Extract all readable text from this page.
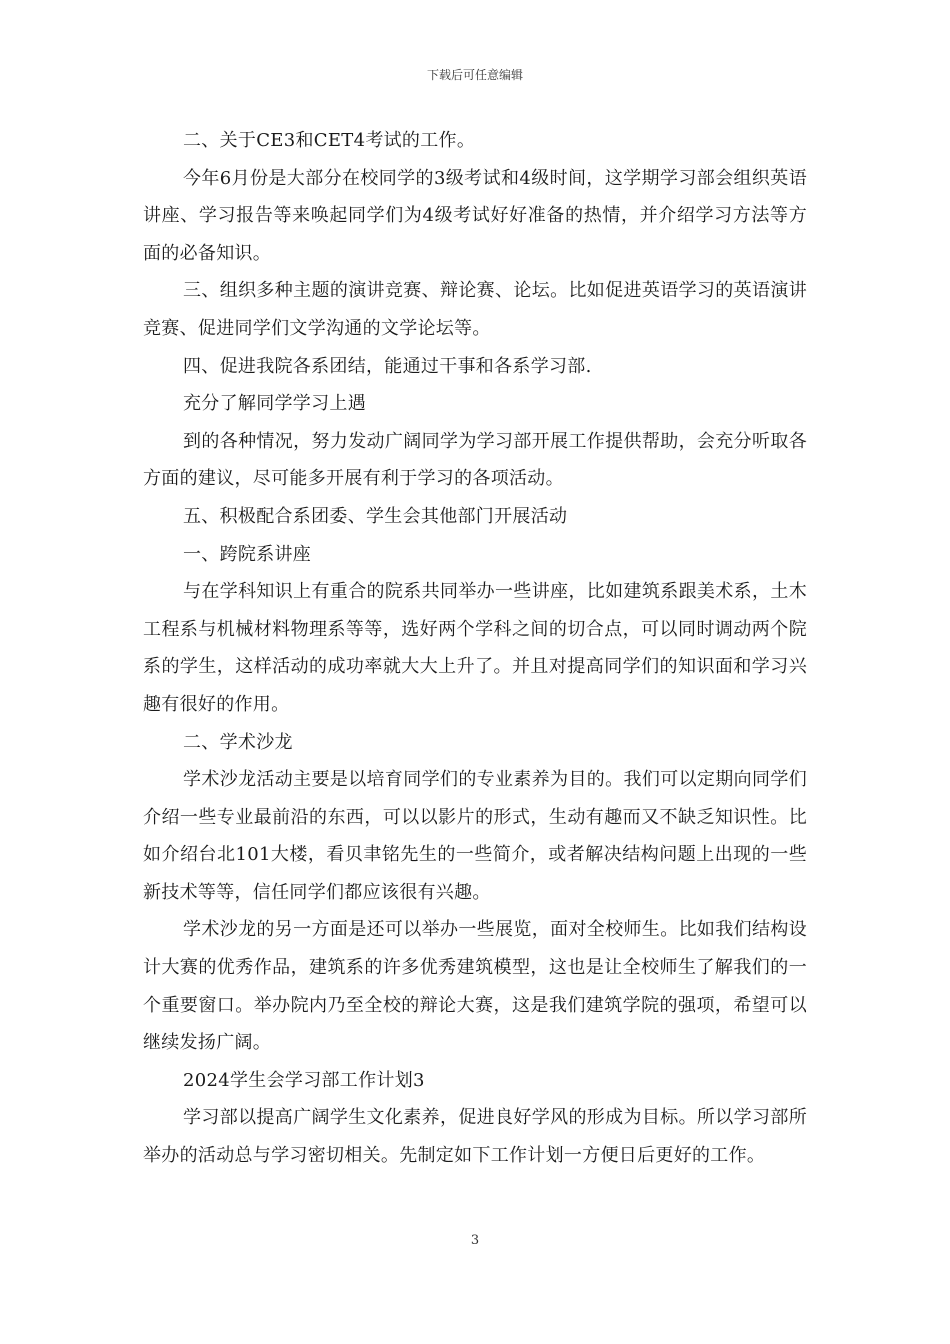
下载后可任意编辑

二、关于CE3和CET4考试的工作。

今年6月份是大部分在校同学的3级考试和4级时间，这学期学习部会组织英语讲座、学习报告等来唤起同学们为4级考试好好准备的热情，并介绍学习方法等方面的必备知识。

三、组织多种主题的演讲竞赛、辩论赛、论坛。比如促进英语学习的英语演讲竞赛、促进同学们文学沟通的文学论坛等。

四、促进我院各系团结，能通过干事和各系学习部.

充分了解同学学习上遇

到的各种情况，努力发动广阔同学为学习部开展工作提供帮助，会充分听取各方面的建议，尽可能多开展有利于学习的各项活动。

五、积极配合系团委、学生会其他部门开展活动

一、跨院系讲座

与在学科知识上有重合的院系共同举办一些讲座，比如建筑系跟美术系，土木工程系与机械材料物理系等等，选好两个学科之间的切合点，可以同时调动两个院系的学生，这样活动的成功率就大大上升了。并且对提高同学们的知识面和学习兴趣有很好的作用。

二、学术沙龙

学术沙龙活动主要是以培育同学们的专业素养为目的。我们可以定期向同学们介绍一些专业最前沿的东西，可以以影片的形式，生动有趣而又不缺乏知识性。比如介绍台北101大楼，看贝聿铭先生的一些简介，或者解决结构问题上出现的一些新技术等等，信任同学们都应该很有兴趣。

学术沙龙的另一方面是还可以举办一些展览，面对全校师生。比如我们结构设计大赛的优秀作品，建筑系的许多优秀建筑模型，这也是让全校师生了解我们的一个重要窗口。举办院内乃至全校的辩论大赛，这是我们建筑学院的强项，希望可以继续发扬广阔。

2024学生会学习部工作计划3

学习部以提高广阔学生文化素养，促进良好学风的形成为目标。所以学习部所举办的活动总与学习密切相关。先制定如下工作计划一方便日后更好的工作。

3
